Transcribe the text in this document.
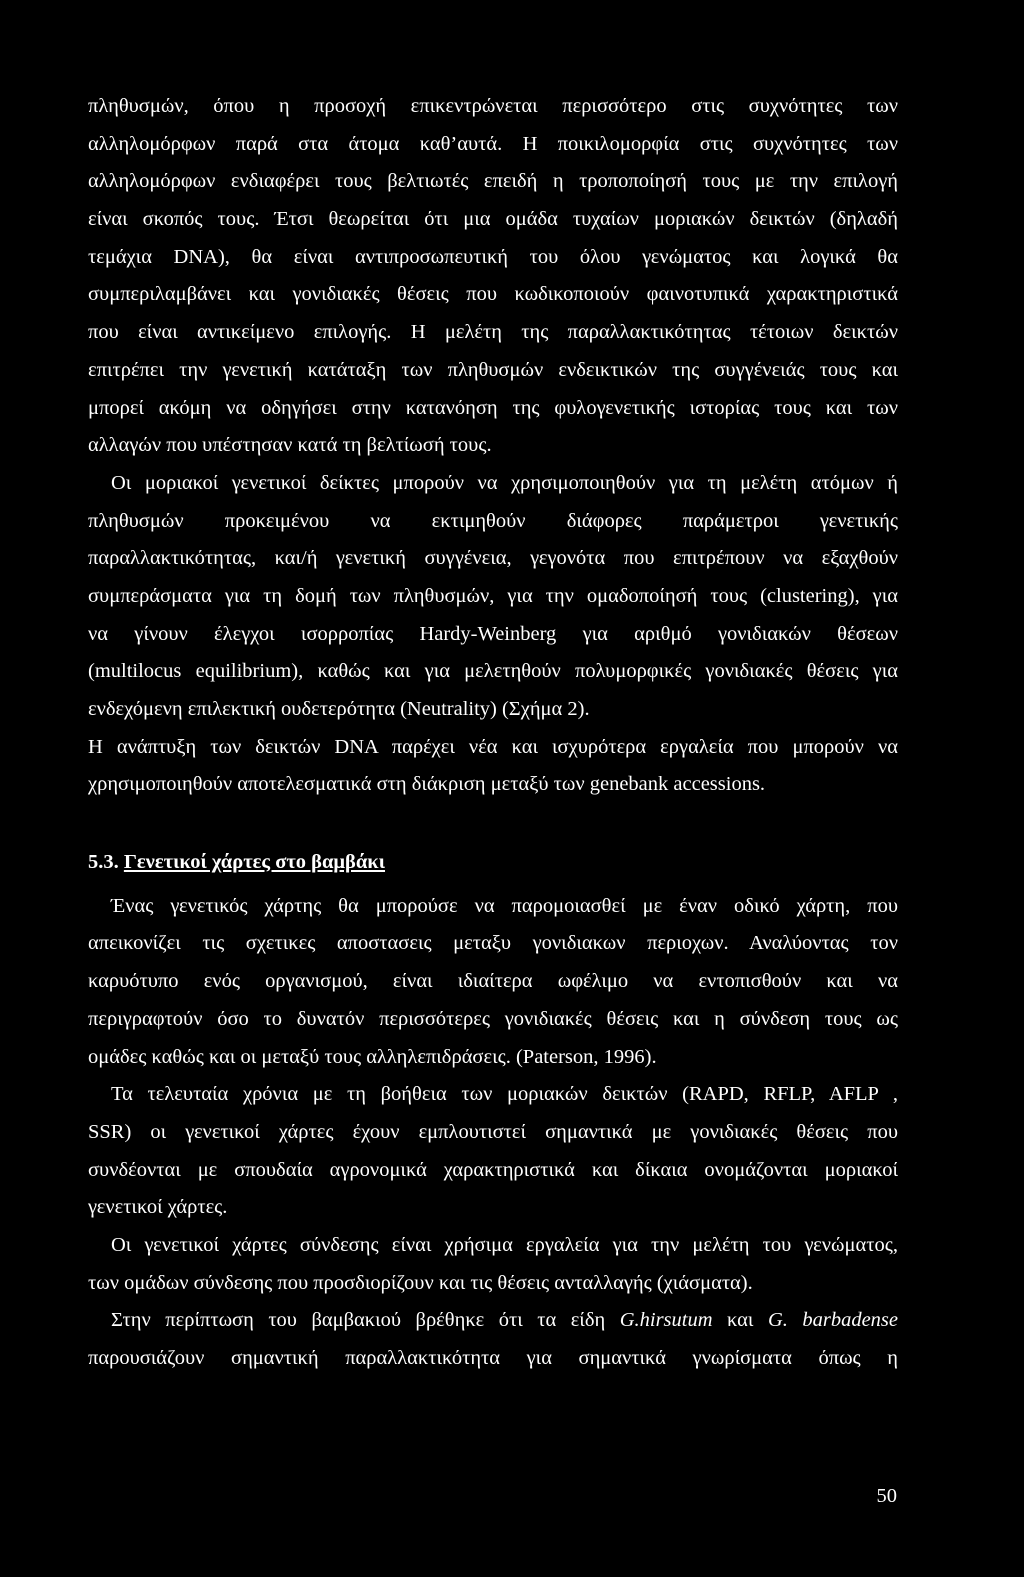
πληθυσμών, όπου η προσοχή επικεντρώνεται περισσότερο στις συχνότητες των
αλληλομόρφων παρά στα άτομα καθ’αυτά. Η ποικιλομορφία στις συχνότητες των
αλληλομόρφων ενδιαφέρει τους βελτιωτές επειδή η τροποποίησή τους με την επιλογή
είναι σκοπός τους. Έτσι θεωρείται ότι μια ομάδα τυχαίων μοριακών δεικτών (δηλαδή
τεμάχια DNA), θα είναι αντιπροσωπευτική του όλου γενώματος και λογικά θα
συμπεριλαμβάνει και γονιδιακές θέσεις που κωδικοποιούν φαινοτυπικά χαρακτηριστικά
που είναι αντικείμενο επιλογής. Η μελέτη της παραλλακτικότητας τέτοιων δεικτών
επιτρέπει την γενετική κατάταξη των πληθυσμών ενδεικτικών της συγγένειάς τους και
μπορεί ακόμη να οδηγήσει στην κατανόηση της φυλογενετικής ιστορίας τους και των
αλλαγών που υπέστησαν κατά τη βελτίωσή τους.
Οι μοριακοί γενετικοί δείκτες μπορούν να χρησιμοποιηθούν για τη μελέτη ατόμων ή
πληθυσμών προκειμένου να εκτιμηθούν διάφορες παράμετροι γενετικής
παραλλακτικότητας, και/ή γενετική συγγένεια, γεγονότα που επιτρέπουν να εξαχθούν
συμπεράσματα για τη δομή των πληθυσμών, για την ομαδοποίησή τους (clustering), για
να γίνουν έλεγχοι ισορροπίας Hardy-Weinberg για αριθμό γονιδιακών θέσεων
(multilocus equilibrium), καθώς και για μελετηθούν πολυμορφικές γονιδιακές θέσεις για
ενδεχόμενη επιλεκτική ουδετερότητα (Neutrality) (Σχήμα 2).
Η ανάπτυξη των δεικτών DNA παρέχει νέα και ισχυρότερα εργαλεία που μπορούν να
χρησιμοποιηθούν αποτελεσματικά στη διάκριση μεταξύ των genebank accessions.
5.3. Γενετικοί χάρτες στο βαμβάκι
Ένας γενετικός χάρτης θα μπορούσε να παρομοιασθεί με έναν οδικό χάρτη, που
απεικονίζει τις σχετικες αποστασεις μεταξυ γονιδιακων περιοχων. Αναλύοντας τον
καρυότυπο ενός οργανισμού, είναι ιδιαίτερα ωφέλιμο να εντοπισθούν και να
περιγραφτούν όσο το δυνατόν περισσότερες γονιδιακές θέσεις και η σύνδεση τους ως
ομάδες καθώς και οι μεταξύ τους αλληλεπιδράσεις. (Paterson, 1996).
Τα τελευταία χρόνια με τη βοήθεια των μοριακών δεικτών (RAPD, RFLP, AFLP ,
SSR) οι γενετικοί χάρτες έχουν εμπλουτιστεί σημαντικά με γονιδιακές θέσεις που
συνδέονται με σπουδαία αγρονομικά χαρακτηριστικά και δίκαια ονομάζονται μοριακοί
γενετικοί χάρτες.
Οι γενετικοί χάρτες σύνδεσης είναι χρήσιμα εργαλεία για την μελέτη του γενώματος,
των ομάδων σύνδεσης που προσδιορίζουν και τις θέσεις ανταλλαγής (χιάσματα).
Στην περίπτωση του βαμβακιού βρέθηκε ότι τα είδη G.hirsutum και G. barbadense
παρουσιάζουν σημαντική παραλλακτικότητα για σημαντικά γνωρίσματα όπως η
50
